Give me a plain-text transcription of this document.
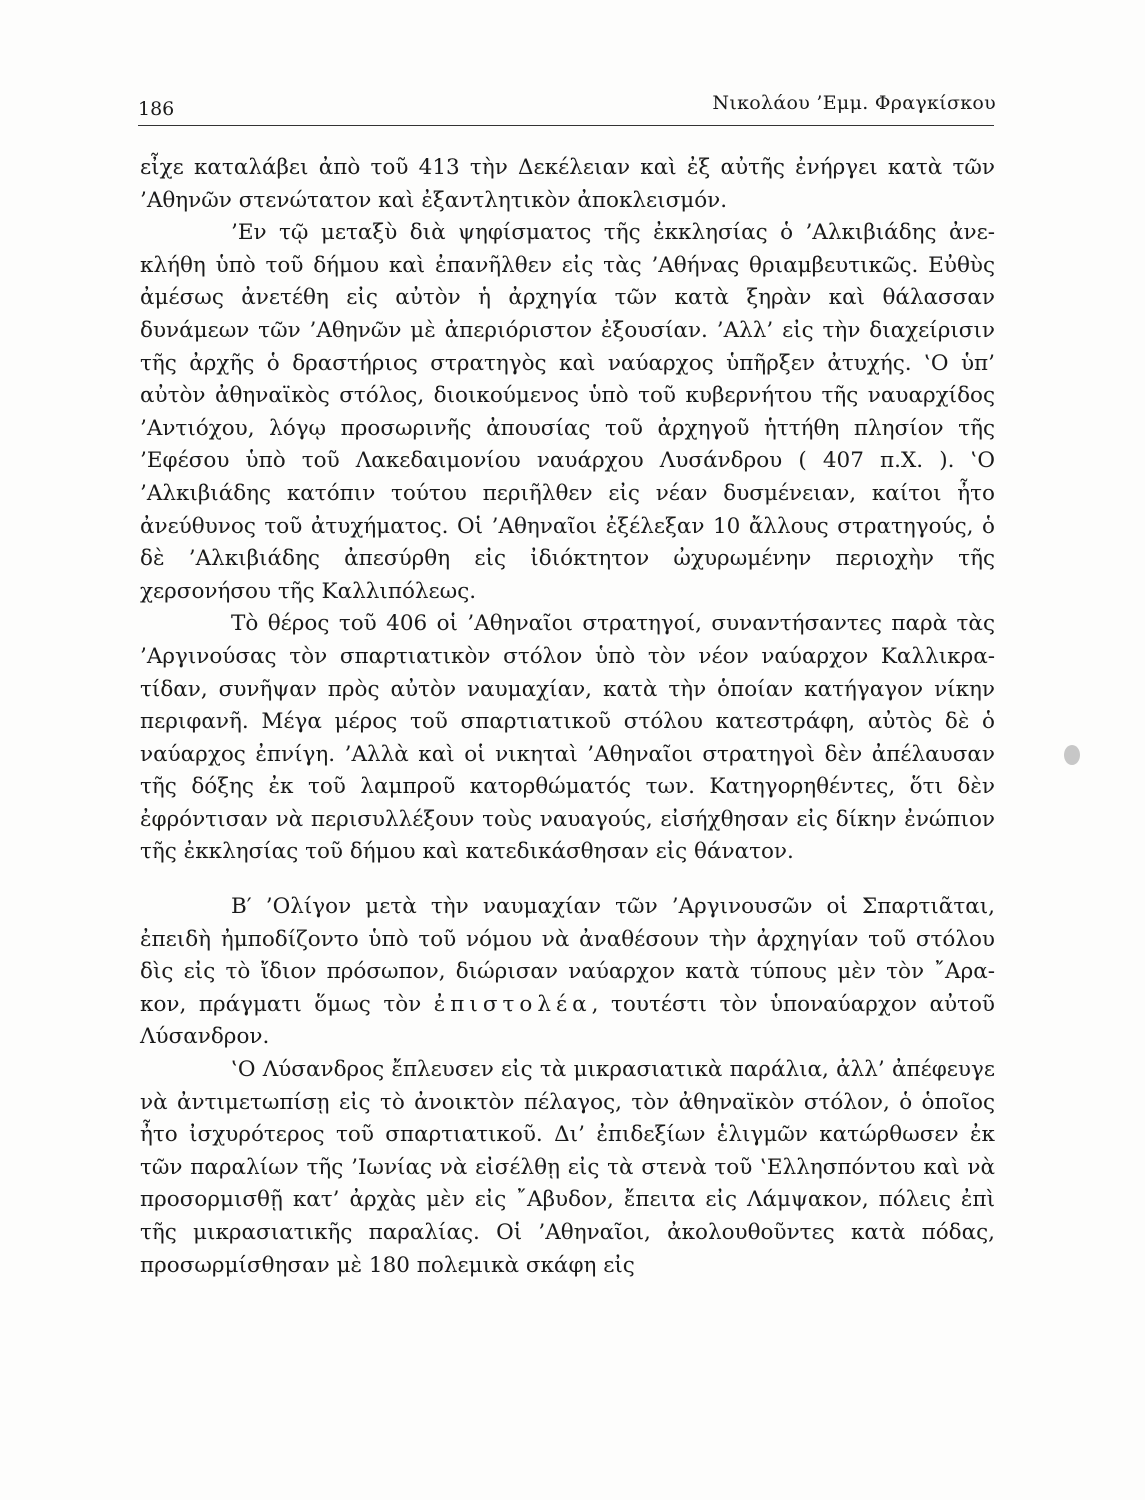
186	Νικολάου ’Εμμ. Φραγκίσκου

εἶχε καταλάβει ἀπὸ τοῦ 413 τὴν Δεκέλειαν καὶ ἐξ αὐτῆς ἐνήργει κατὰ τῶν ’Αθηνῶν στενώτατον καὶ ἐξαντλητικὸν ἀποκλεισμόν.

’Εν τῷ μεταξὺ διὰ ψηφίσματος τῆς ἐκκλησίας ὁ ’Αλκιβιάδης ἀνεκλήθη ὑπὸ τοῦ δήμου καὶ ἐπανῆλθεν εἰς τὰς ’Αθήνας θριαμβευτικῶς. Εὐθὺς ἀμέσως ἀνετέθη εἰς αὐτὸν ἡ ἀρχηγία τῶν κατὰ ξηρὰν καὶ θάλασσαν δυνάμεων τῶν ’Αθηνῶν μὲ ἀπεριόριστον ἐξουσίαν. ’Αλλ’ εἰς τὴν διαχείρισιν τῆς ἀρχῆς ὁ δραστήριος στρατηγὸς καὶ ναύαρχος ὑπῆρξεν ἀτυχής. ‛Ο ὑπ’ αὐτὸν ἀθηναϊκὸς στόλος, διοικούμενος ὑπὸ τοῦ κυβερνήτου τῆς ναυαρχίδος ’Αντιόχου, λόγῳ προσωρινῆς ἀπουσίας τοῦ ἀρχηγοῦ ἡττήθη πλησίον τῆς ’Εφέσου ὑπὸ τοῦ Λακεδαιμονίου ναυάρχου Λυσάνδρου ( 407 π.Χ. ). ‛Ο ’Αλκιβιάδης κατόπιν τούτου περιῆλθεν εἰς νέαν δυσμένειαν, καίτοι ἦτο ἀνεύθυνος τοῦ ἀτυχήματος. Οἱ ’Αθηναῖοι ἐξέλεξαν 10 ἄλλους στρατηγούς, ὁ δὲ ’Αλκιβιάδης ἀπεσύρθη εἰς ἰδιόκτητον ὠχυρωμένην περιοχὴν τῆς χερσονήσου τῆς Καλλιπόλεως.

Τὸ θέρος τοῦ 406 οἱ ’Αθηναῖοι στρατηγοί, συναντήσαντες παρὰ τὰς ’Αργινούσας τὸν σπαρτιατικὸν στόλον ὑπὸ τὸν νέον ναύαρχον Καλλικρατίδαν, συνῆψαν πρὸς αὐτὸν ναυμαχίαν, κατὰ τὴν ὁποίαν κατήγαγον νίκην περιφανῆ. Μέγα μέρος τοῦ σπαρτιατικοῦ στόλου κατεστράφη, αὐτὸς δὲ ὁ ναύαρχος ἐπνίγη. ’Αλλὰ καὶ οἱ νικηταὶ ’Αθηναῖοι στρατηγοὶ δὲν ἀπέλαυσαν τῆς δόξης ἐκ τοῦ λαμπροῦ κατορθώματός των. Κατηγορηθέντες, ὅτι δὲν ἐφρόντισαν νὰ περισυλλέξουν τοὺς ναυαγούς, εἰσήχθησαν εἰς δίκην ἐνώπιον τῆς ἐκκλησίας τοῦ δήμου καὶ κατεδικάσθησαν εἰς θάνατον.

Β′ ’Ολίγον μετὰ τὴν ναυμαχίαν τῶν ’Αργινουσῶν οἱ Σπαρτιᾶται, ἐπειδὴ ἠμποδίζοντο ὑπὸ τοῦ νόμου νὰ ἀναθέσουν τὴν ἀρχηγίαν τοῦ στόλου δὶς εἰς τὸ ἴδιον πρόσωπον, διώρισαν ναύαρχον κατὰ τύπους μὲν τὸν ῎Αρακον, πράγματι ὅμως τὸν ἐπιστολέα, τουτέστι τὸν ὑποναύαρχον αὐτοῦ Λύσανδρον.

‛Ο Λύσανδρος ἔπλευσεν εἰς τὰ μικρασιατικὰ παράλια, ἀλλ’ ἀπέφευγε νὰ ἀντιμετωπίσῃ εἰς τὸ ἀνοικτὸν πέλαγος, τὸν ἀθηναϊκὸν στόλον, ὁ ὁποῖος ἦτο ἰσχυρότερος τοῦ σπαρτιατικοῦ. Δι’ ἐπιδεξίων ἑλιγμῶν κατώρθωσεν ἐκ τῶν παραλίων τῆς ’Ιωνίας νὰ εἰσέλθῃ εἰς τὰ στενὰ τοῦ ‛Ελλησπόντου καὶ νὰ προσορμισθῇ κατ’ ἀρχὰς μὲν εἰς ῎Αβυδον, ἔπειτα εἰς Λάμψακον, πόλεις ἐπὶ τῆς μικρασιατικῆς παραλίας. Οἱ ’Αθηναῖοι, ἀκολουθοῦντες κατὰ πόδας, προσωρμίσθησαν μὲ 180 πολεμικὰ σκάφη εἰς
